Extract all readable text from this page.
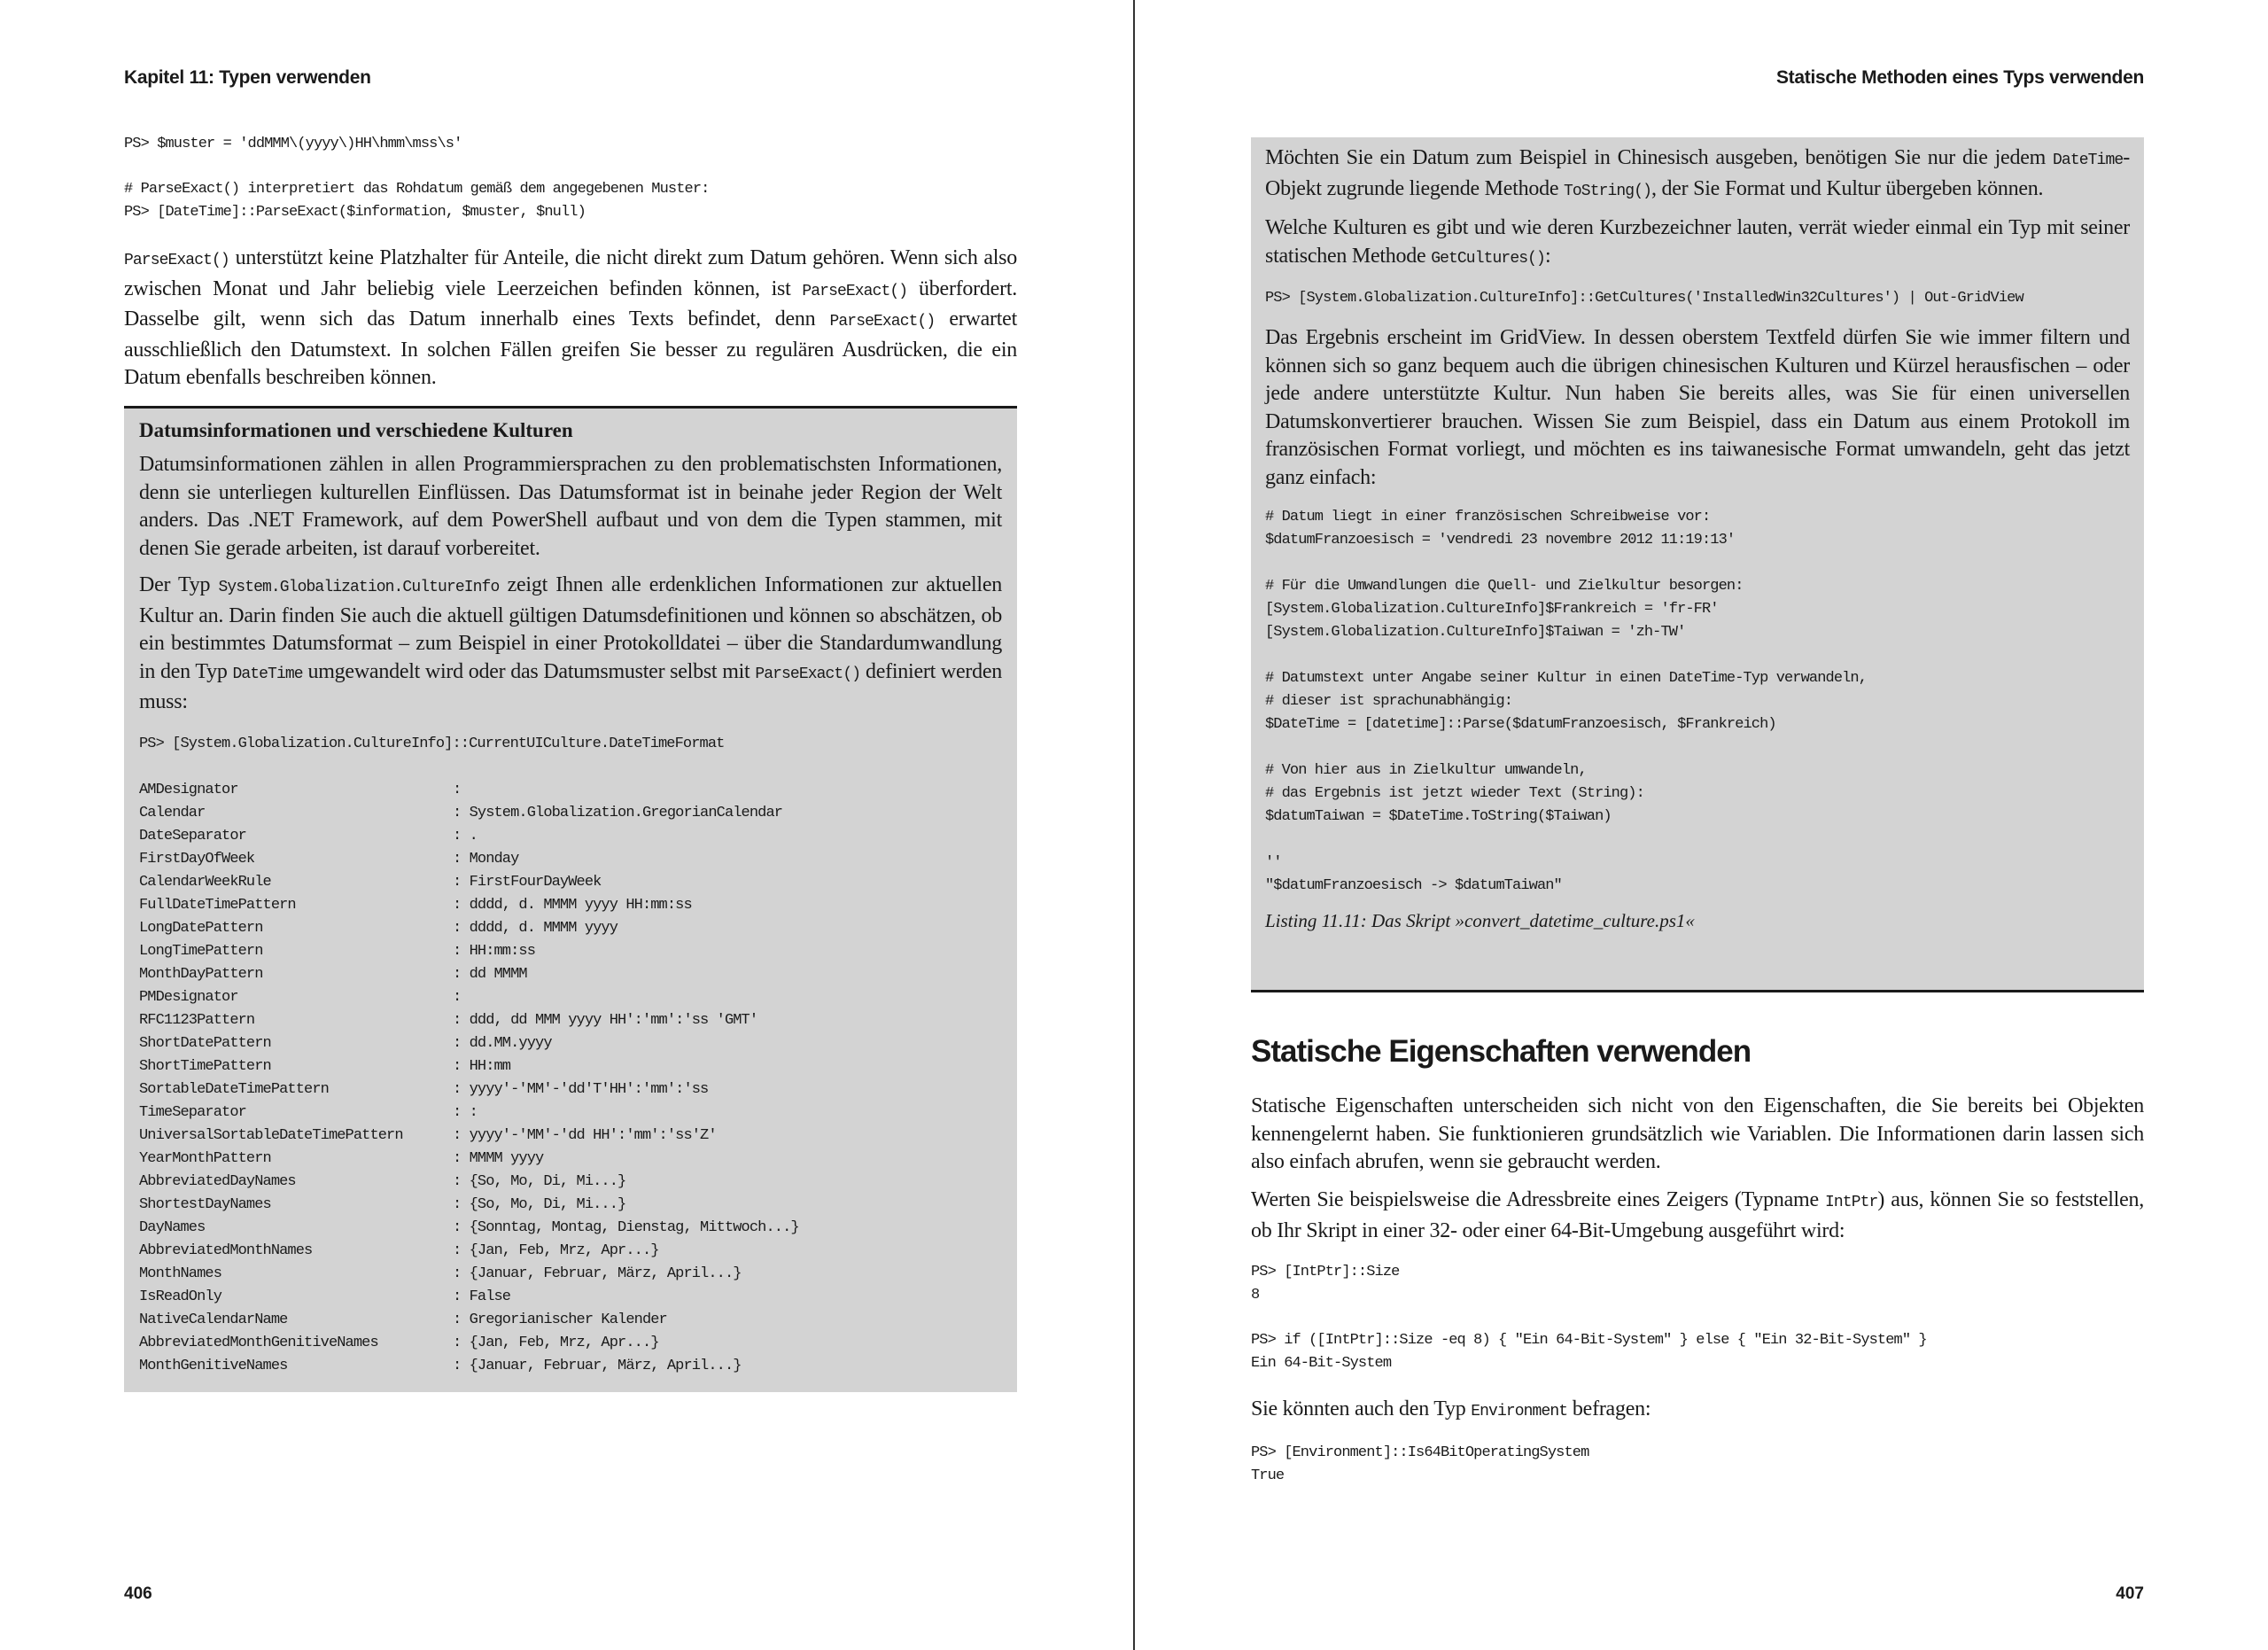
Kapitel 11: Typen verwenden
PS> $muster = 'ddMMM\(yyyy\)HH\hmm\mss\s'
# ParseExact() interpretiert das Rohdatum gemäß dem angegebenen Muster:
PS> [DateTime]::ParseExact($information, $muster, $null)

ParseExact() unterstützt keine Platzhalter für Anteile, die nicht direkt zum Datum gehören. Wenn sich also zwischen Monat und Jahr beliebig viele Leerzeichen befinden können, ist ParseExact() überfordert. Dasselbe gilt, wenn sich das Datum innerhalb eines Texts befindet, denn ParseExact() erwartet ausschließlich den Datumstext. In solchen Fällen greifen Sie besser zu regulären Ausdrücken, die ein Datum ebenfalls beschreiben können.

Datumsinformationen und verschiedene Kulturen

Datumsinformationen zählen in allen Programmiersprachen zu den problematischsten Informationen, denn sie unterliegen kulturellen Einflüssen. Das Datumsformat ist in beinahe jeder Region der Welt anders. Das .NET Framework, auf dem PowerShell aufbaut und von dem die Typen stammen, mit denen Sie gerade arbeiten, ist darauf vorbereitet.

Der Typ System.Globalization.CultureInfo zeigt Ihnen alle erdenklichen Informationen zur aktuellen Kultur an. Darin finden Sie auch die aktuell gültigen Datumsdefinitionen und können so abschätzen, ob ein bestimmtes Datumsformat – zum Beispiel in einer Protokolldatei – über die Standardumwandlung in den Typ DateTime umgewandelt wird oder das Datumsmuster selbst mit ParseExact() definiert werden muss:

PS> [System.Globalization.CultureInfo]::CurrentUICulture.DateTimeFormat
AMDesignator	:
Calendar	: System.Globalization.GregorianCalendar
DateSeparator	: .
FirstDayOfWeek	: Monday
CalendarWeekRule	: FirstFourDayWeek
FullDateTimePattern	: dddd, d. MMMM yyyy HH:mm:ss
LongDatePattern	: dddd, d. MMMM yyyy
LongTimePattern	: HH:mm:ss
MonthDayPattern	: dd MMMM
PMDesignator	:
RFC1123Pattern	: ddd, dd MMM yyyy HH':'mm':'ss 'GMT'
ShortDatePattern	: dd.MM.yyyy
ShortTimePattern	: HH:mm
SortableDateTimePattern	: yyyy'-'MM'-'dd'T'HH':'mm':'ss
TimeSeparator	: :
UniversalSortableDateTimePattern	: yyyy'-'MM'-'dd HH':'mm':'ss'Z'
YearMonthPattern	: MMMM yyyy
AbbreviatedDayNames	: {So, Mo, Di, Mi...}
ShortestDayNames	: {So, Mo, Di, Mi...}
DayNames	: {Sonntag, Montag, Dienstag, Mittwoch...}
AbbreviatedMonthNames	: {Jan, Feb, Mrz, Apr...}
MonthNames	: {Januar, Februar, März, April...}
IsReadOnly	: False
NativeCalendarName	: Gregorianischer Kalender
AbbreviatedMonthGenitiveNames	: {Jan, Feb, Mrz, Apr...}
MonthGenitiveNames	: {Januar, Februar, März, April...}
406
Statische Methoden eines Typs verwenden

Möchten Sie ein Datum zum Beispiel in Chinesisch ausgeben, benötigen Sie nur die jedem DateTime-Objekt zugrunde liegende Methode ToString(), der Sie Format und Kultur übergeben können.

Welche Kulturen es gibt und wie deren Kurzbezeichner lauten, verrät wieder einmal ein Typ mit seiner statischen Methode GetCultures():

PS> [System.Globalization.CultureInfo]::GetCultures('InstalledWin32Cultures') | Out-GridView

Das Ergebnis erscheint im GridView. In dessen oberstem Textfeld dürfen Sie wie immer filtern und können sich so ganz bequem auch die übrigen chinesischen Kulturen und Kürzel herausfischen – oder jede andere unterstützte Kultur. Nun haben Sie bereits alles, was Sie für einen universellen Datumskonvertierer brauchen. Wissen Sie zum Beispiel, dass ein Datum aus einem Protokoll im französischen Format vorliegt, und möchten es ins taiwanesische Format umwandeln, geht das jetzt ganz einfach:

# Datum liegt in einer französischen Schreibweise vor:
$datumFranzoesisch = 'vendredi 23 novembre 2012 11:19:13'

# Für die Umwandlungen die Quell- und Zielkultur besorgen:
[System.Globalization.CultureInfo]$Frankreich = 'fr-FR'
[System.Globalization.CultureInfo]$Taiwan = 'zh-TW'

# Datumstext unter Angabe seiner Kultur in einen DateTime-Typ verwandeln,
# dieser ist sprachunabhängig:
$DateTime = [datetime]::Parse($datumFranzoesisch, $Frankreich)

# Von hier aus in Zielkultur umwandeln,
# das Ergebnis ist jetzt wieder Text (String):
$datumTaiwan = $DateTime.ToString($Taiwan)

''
"$datumFranzoesisch -> $datumTaiwan"

Listing 11.11: Das Skript »convert_datetime_culture.ps1«

Statische Eigenschaften verwenden

Statische Eigenschaften unterscheiden sich nicht von den Eigenschaften, die Sie bereits bei Objekten kennengelernt haben. Sie funktionieren grundsätzlich wie Variablen. Die Informationen darin lassen sich also einfach abrufen, wenn sie gebraucht werden.

Werten Sie beispielsweise die Adressbreite eines Zeigers (Typname IntPtr) aus, können Sie so feststellen, ob Ihr Skript in einer 32- oder einer 64-Bit-Umgebung ausgeführt wird:

PS> [IntPtr]::Size
8
PS> if ([IntPtr]::Size -eq 8) { "Ein 64-Bit-System" } else { "Ein 32-Bit-System" }
Ein 64-Bit-System

Sie könnten auch den Typ Environment befragen:

PS> [Environment]::Is64BitOperatingSystem
True
407
